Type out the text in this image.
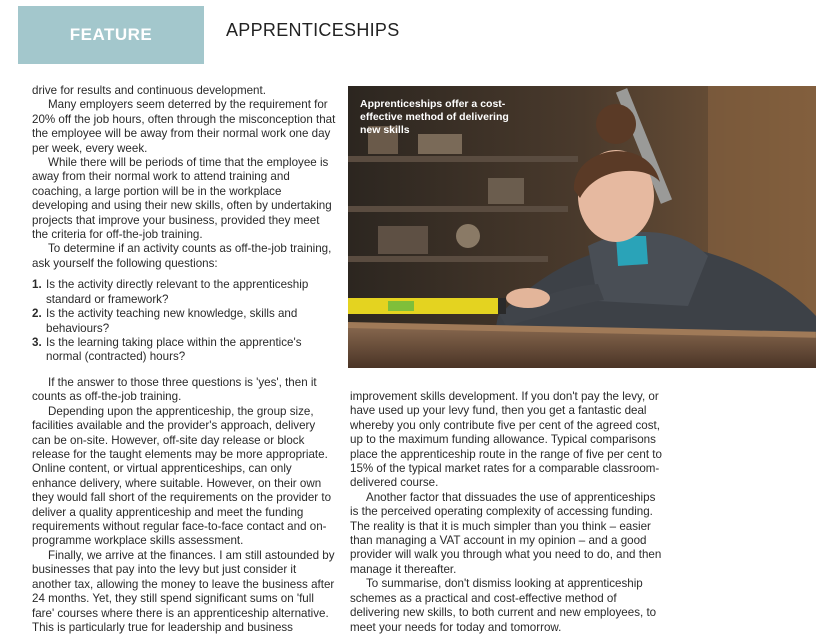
FEATURE	APPRENTICESHIPS

drive for results and continuous development.

Many employers seem deterred by the requirement for 20% off the job hours, often through the misconception that the employee will be away from their normal work one day per week, every week.

While there will be periods of time that the employee is away from their normal work to attend training and coaching, a large portion will be in the workplace developing and using their new skills, often by undertaking projects that improve your business, provided they meet the criteria for off-the-job training.

To determine if an activity counts as off-the-job training, ask yourself the following questions:

1. Is the activity directly relevant to the apprenticeship standard or framework?
2. Is the activity teaching new knowledge, skills and behaviours?
3. Is the learning taking place within the apprentice's normal (contracted) hours?

If the answer to those three questions is 'yes', then it counts as off-the-job training.

Depending upon the apprenticeship, the group size, facilities available and the provider's approach, delivery can be on-site. However, off-site day release or block release for the taught elements may be more appropriate. Online content, or virtual apprenticeships, can only enhance delivery, where suitable. However, on their own they would fall short of the requirements on the provider to deliver a quality apprenticeship and meet the funding requirements without regular face-to-face contact and on-programme workplace skills assessment.

Finally, we arrive at the finances. I am still astounded by businesses that pay into the levy but just consider it another tax, allowing the money to leave the business after 24 months. Yet, they still spend significant sums on 'full fare' courses where there is an apprenticeship alternative. This is particularly true for leadership and business

improvement skills development. If you don't pay the levy, or have used up your levy fund, then you get a fantastic deal whereby you only contribute five per cent of the agreed cost, up to the maximum funding allowance. Typical comparisons place the apprenticeship route in the range of five per cent to 15% of the typical market rates for a comparable classroom-delivered course.

Another factor that dissuades the use of apprenticeships is the perceived operating complexity of accessing funding. The reality is that it is much simpler than you think – easier than managing a VAT account in my opinion – and a good provider will walk you through what you need to do, and then manage it thereafter.

To summarise, don't dismiss looking at apprenticeship schemes as a practical and cost-effective method of delivering new skills, to both current and new employees, to meet your needs for today and tomorrow.

Apprenticeships offer a cost-effective method of delivering new skills
